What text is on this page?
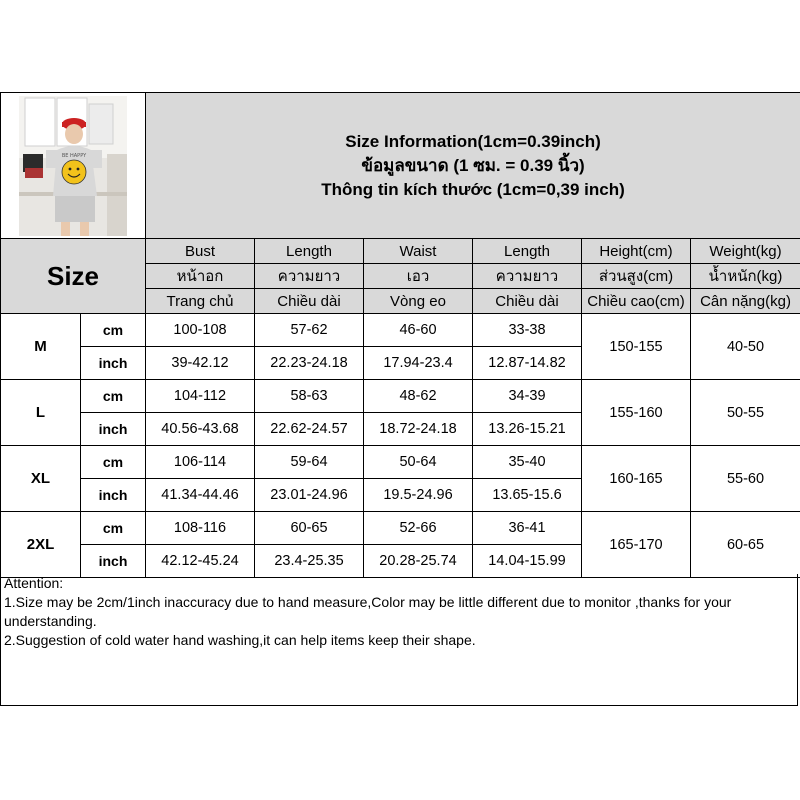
BE HAPPY		Size Information(1cm=0.39inch)
ข้อมูลขนาด (1 ซม. = 0.39 นิ้ว)
Thông tin kích thước (1cm=0,39 inch)					

Size		Bust	Length	Waist	Length	Height(cm)	Weight(kg)
		หน้าอก	ความยาว	เอว	ความยาว	ส่วนสูง(cm)	น้ำหนัก(kg)
		Trang chủ	Chiều dài	Vòng eo	Chiều dài	Chiều cao(cm)	Cân nặng(kg)
M	cm	100-108	57-62	46-60	33-38	150-155	40-50
	inch	39-42.12	22.23-24.18	17.94-23.4	12.87-14.82		
L	cm	104-112	58-63	48-62	34-39	155-160	50-55
	inch	40.56-43.68	22.62-24.57	18.72-24.18	13.26-15.21		
XL	cm	106-114	59-64	50-64	35-40	160-165	55-60
	inch	41.34-44.46	23.01-24.96	19.5-24.96	13.65-15.6		
2XL	cm	108-116	60-65	52-66	36-41	165-170	60-65
	inch	42.12-45.24	23.4-25.35	20.28-25.74	14.04-15.99		
Attention:
1.Size may be 2cm/1inch inaccuracy due to hand measure,Color may be little different due to monitor ,thanks for your understanding.
2.Suggestion of cold water hand washing,it can help items keep their shape.
